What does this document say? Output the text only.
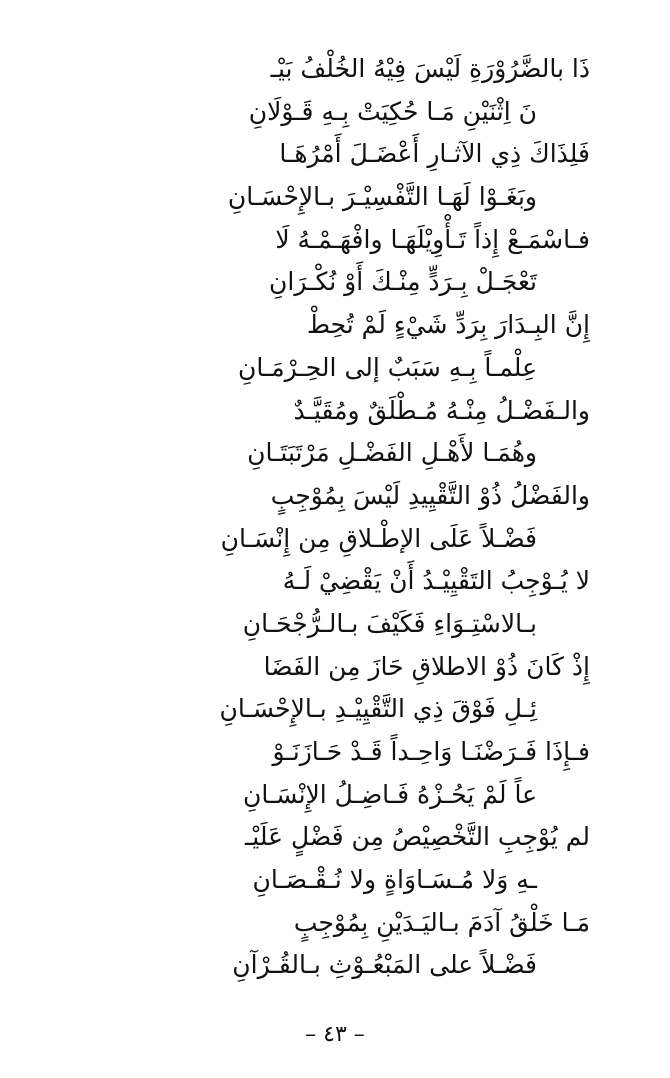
ذَا بالضَّرُوْرَةِ لَيْسَ فِيْهُ الخُلْفُ بَيْـ
نَ اِثْنَيْنِ مَـا حُكِيَتْ بِـهِ قَـوْلَانِ
فَلِذَاكَ ذِي الآثـارِ أَعْضَـلَ أَمْرُهَـا
وبَغَـوْا لَهَـا التَّفْسِيْـرَ بـالإِحْسَـانِ
فـاسْمَـعْ إِذاً تَـأْوِيْلَهَـا وافْهَـمْـهُ لَا
تَعْجَـلْ بِـرَدٍّ مِنْـكَ أَوْ نُكْـرَانِ
إِنَّ البِـدَارَ بِرَدِّ شَيْءٍ لَمْ تُحِطْ
عِلْمـاً بِـهِ سَبَبٌ إلى الحِـرْمَـانِ
والـفَضْـلُ مِنْـهُ مُـطْلَقٌ ومُقَيَّـدٌ
وهُمَـا لأَهْـلِ الفَضْـلِ مَرْتَبَتَـانِ
والفَضْلُ ذُوْ التَّقْيِيدِ لَيْسَ بِمُوْجِبٍ
فَضْـلاً عَلَى الإطْـلاقِ مِن إِنْسَـانِ
لا يُـوْجِبُ التَقْيِيْـدُ أَنْ يَقْضِيْ لَـهُ
بـالاسْتِـوَاءِ فَكَيْفَ بـالـرُّجْحَـانِ
إِذْ كَانَ ذُوْ الاطلاقِ حَازَ مِن الفَضَا
ئِـلِ فَوْقَ ذِي التَّقْيِيْـدِ بـالإِحْسَـانِ
فـإِذَا فَـرَضْنَـا وَاحِـداً قَـدْ حَـازَنَـوْ
عاً لَمْ يَحُـزْهُ فَـاضِـلُ الإِنْسَـانِ
لم يُوْجِبِ التَّخْصِيْصُ مِن فَضْلٍ عَلَيْـ
ـهِ وَلا مُـسَـاوَاةٍ ولا نُـقْـصَـانِ
مَـا خَلْقُ آدَمَ بـاليَـدَيْنِ بِمُوْجِبٍ
فَضْـلاً على المَبْعُـوْثِ بـالقُـرْآنِ
– ٤٣ –
